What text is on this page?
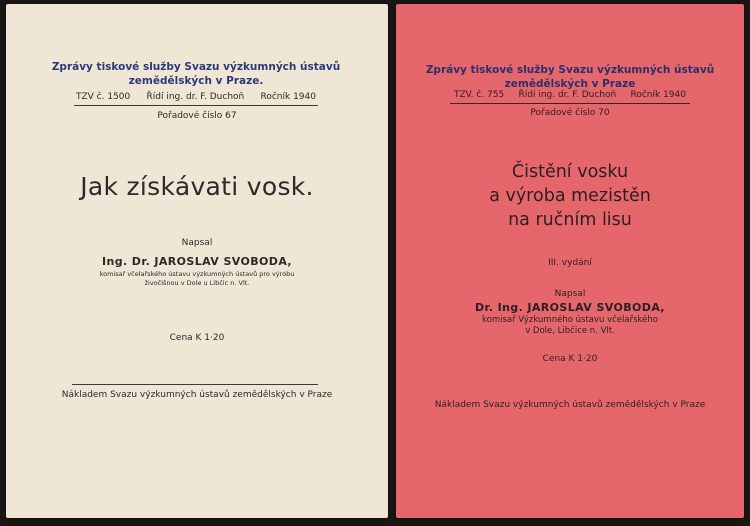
Zprávy tiskové služby Svazu výzkumných ústavů
zemědělských v Praze.
TZV č. 1500 Řídí ing. dr. F. Duchoň Ročník 1940
Pořadové číslo 67
Jak získávati vosk.
Napsal
Ing. Dr. JAROSLAV SVOBODA,
komisař včelařského ústavu výzkumných ústavů pro výrobu
živočišnou v Dole u Libčic n. Vlt.
Cena K 1·20
Nákladem Svazu výzkumných ústavů zemědělských v Praze
Zprávy tiskové služby Svazu výzkumných ústavů
zemědělských v Praze
TZV. č. 755 Řídí ing. dr. F. Duchoň Ročník 1940
Pořadové číslo 70
Čistění vosku
a výroba mezistěn
na ručním lisu
III. vydání
Napsal
Dr. Ing. JAROSLAV SVOBODA,
komisař Výzkumného ústavu včelařského
v Dole, Libčice n. Vlt.
Cena K 1·20
Nákladem Svazu výzkumných ústavů zemědělských v Praze
